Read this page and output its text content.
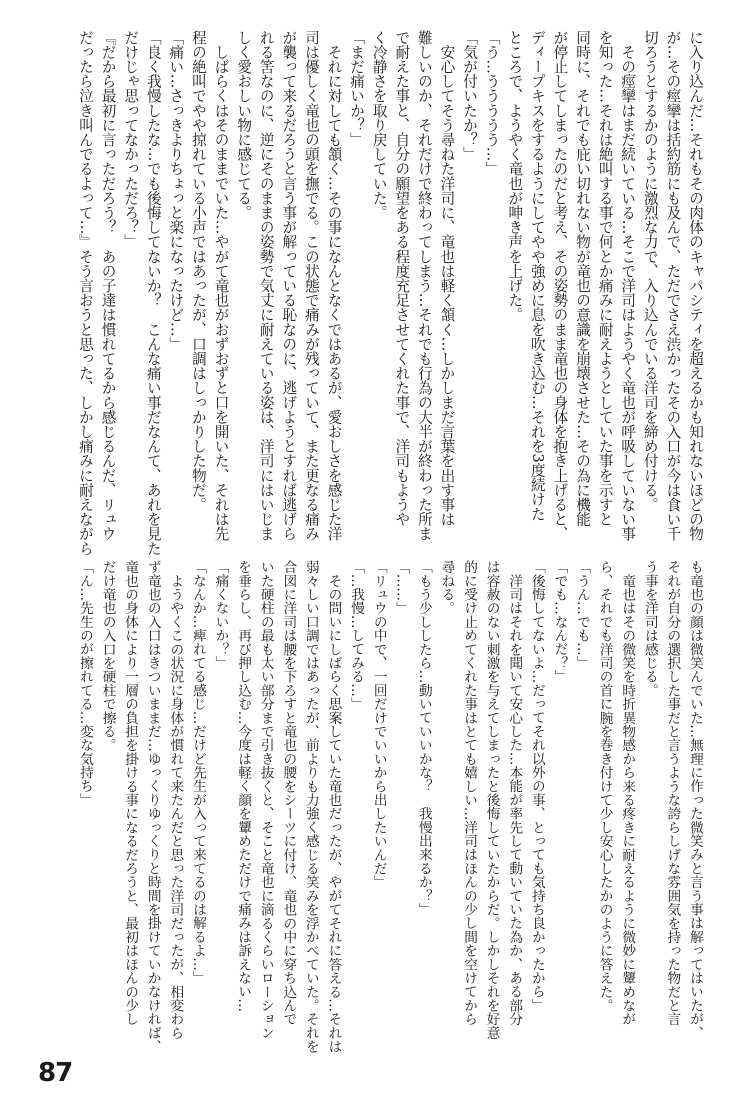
に入り込んだ…それもその肉体のキャパシティを超えるかも知れないほどの物
が…その痙攣は括約筋にも及んで、ただでさえ渋かったその入口が今は食い千
切ろうとするかのように激烈な力で、入り込んでいる洋司を締め付ける。
　その痙攣はまだ続いている…そこで洋司はようやく竜也が呼吸していない事
を知った…それは絶叫する事で何とか痛みに耐えようとしていた事を示すと
同時に、それでも庇い切れない物が竜也の意識を崩壊させた…その為に機能
が停止してしまったのだと考え、その姿勢のまま竜也の身体を抱き上げると、
ディープキスをするようにしてやや強めに息を吹き込む…それを3度続けた
ところで、ようやく竜也が呻き声を上げた。
「う…ううううう…」
「気が付いたか？」
　安心してそう尋ねた洋司に、竜也は軽く頷く…しかしまだ言葉を出す事は
難しいのか、それだけで終わってしまう…それでも行為の大半が終わった所ま
で耐えた事と、自分の願望をある程度充足させてくれた事で、洋司もようや
く冷静さを取り戻していた。
「まだ痛いか？」
　それに対しても頷く…その事になんとなくではあるが、愛おしさを感じた洋
司は優しく竜也の頭を撫でる。この状態で痛みが残っていて、また更なる痛み
が襲って来るだろうと言う事が解っている恥なのに、逃げようとすれば逃げら
れる筈なのに、逆にそのままの姿勢で気丈に耐えている姿は、洋司にはいじま
しく愛おしい物に感じてる。
　しばらくはそのままでいた…やがて竜也がおずおずと口を開いた、それは先
程の絶叫でやや掠れている小声ではあったが、口調はしっかりした物だ。
「痛い…さっきよりちょっと楽になったけど…」
「良く我慢したな…でも後悔してないか？　こんな痛い事だなんて、あれを見た
だけじゃ思ってなかっただろ？」
『だから最初に言っただろう？　あの子達は慣れてるから感じるんだ、リュウ
だったら泣き叫んでるよって…』そう言おうと思った、しかし痛みに耐えながら
も竜也の顔は微笑んでいた…無理に作った微笑みと言う事は解ってはいたが、
それが自分の選択した事だと言うような誇らしげな雰囲気を持った物だと言
う事を洋司は感じる。
　竜也はその微笑を時折異物感から来る疼きに耐えるように微妙に顰めなが
ら、それでも洋司の首に腕を巻き付けて少し安心したかのように答えた。
「うん…でも…」
「でも…なんだ？」
「後悔してないよ…だってそれ以外の事、とっても気持ち良かったから」
　洋司はそれを聞いて安心した…本能が率先して動いていた為か、ある部分
は容赦のない刺激を与えてしまったと後悔していたからだ。しかしそれを好意
的に受け止めてくれた事はとても嬉しい…洋司はほんの少し間を空けてから
尋ねる。
「もう少ししたら…動いていいかな？　我慢出来るか？」
「……」
「リュウの中で、一回だけでいいから出したいんだ」
「…我慢…してみる…」
　その問いにしばらく思案していた竜也だったが、やがてそれに答える…それは
弱々しい口調ではあったが、前よりも力強く感じる笑みを浮かべていた。それを
合図に洋司は腰を下ろすと竜也の腰をシーツに付け、竜也の中に穿ち込んで
いた硬柱の最も太い部分まで引き抜くと、そこと竜也に滴るくらいローション
を垂らし、再び押し込む…今度は軽く顔を顰めただけで痛みは訴えない…
「痛くないか？」
「なんか…痺れてる感じ…だけど先生が入って来てるのは解るよ…」
　ようやくこの状況に身体が慣れて来たんだと思った洋司だったが、相変わら
ず竜也の入口はきついままだ…ゆっくりゆっくりと時間を掛けていかなければ、
竜也の身体により一層の負担を掛ける事になるだろうと、最初はほんの少し
だけ竜也の入口を硬柱で擦る。
「ん…先生のが擦れてる…変な気持ち」
87
